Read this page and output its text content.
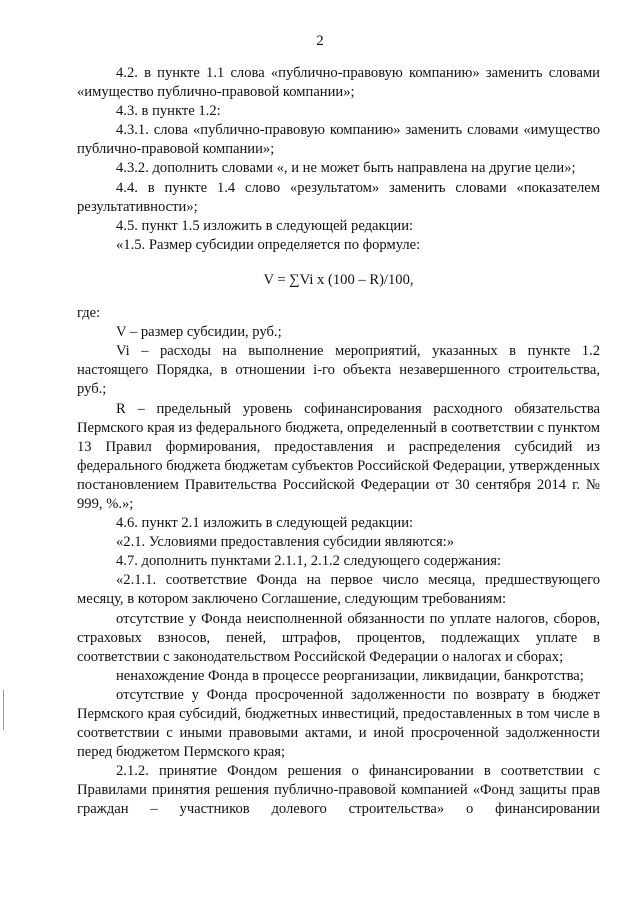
2

4.2. в пункте 1.1 слова «публично-правовую компанию» заменить словами «имущество публично-правовой компании»;

4.3. в пункте 1.2:

4.3.1. слова «публично-правовую компанию» заменить словами «имущество публично-правовой компании»;

4.3.2. дополнить словами «, и не может быть направлена на другие цели»;

4.4. в пункте 1.4 слово «результатом» заменить словами «показателем результативности»;

4.5. пункт 1.5 изложить в следующей редакции:

«1.5. Размер субсидии определяется по формуле:

V = ∑Vi x (100 – R)/100,

где:

V – размер субсидии, руб.;

Vi – расходы на выполнение мероприятий, указанных в пункте 1.2 настоящего Порядка, в отношении i-го объекта незавершенного строительства, руб.;

R – предельный уровень софинансирования расходного обязательства Пермского края из федерального бюджета, определенный в соответствии с пунктом 13 Правил формирования, предоставления и распределения субсидий из федерального бюджета бюджетам субъектов Российской Федерации, утвержденных постановлением Правительства Российской Федерации от 30 сентября 2014 г. № 999, %.»;

4.6. пункт 2.1 изложить в следующей редакции:

«2.1. Условиями предоставления субсидии являются:»

4.7. дополнить пунктами 2.1.1, 2.1.2 следующего содержания:

«2.1.1. соответствие Фонда на первое число месяца, предшествующего месяцу, в котором заключено Соглашение, следующим требованиям:

отсутствие у Фонда неисполненной обязанности по уплате налогов, сборов, страховых взносов, пеней, штрафов, процентов, подлежащих уплате в соответствии с законодательством Российской Федерации о налогах и сборах;

ненахождение Фонда в процессе реорганизации, ликвидации, банкротства;

отсутствие у Фонда просроченной задолженности по возврату в бюджет Пермского края субсидий, бюджетных инвестиций, предоставленных в том числе в соответствии с иными правовыми актами, и иной просроченной задолженности перед бюджетом Пермского края;

2.1.2. принятие Фондом решения о финансировании в соответствии с Правилами принятия решения публично-правовой компанией «Фонд защиты прав граждан – участников долевого строительства» о финансировании
